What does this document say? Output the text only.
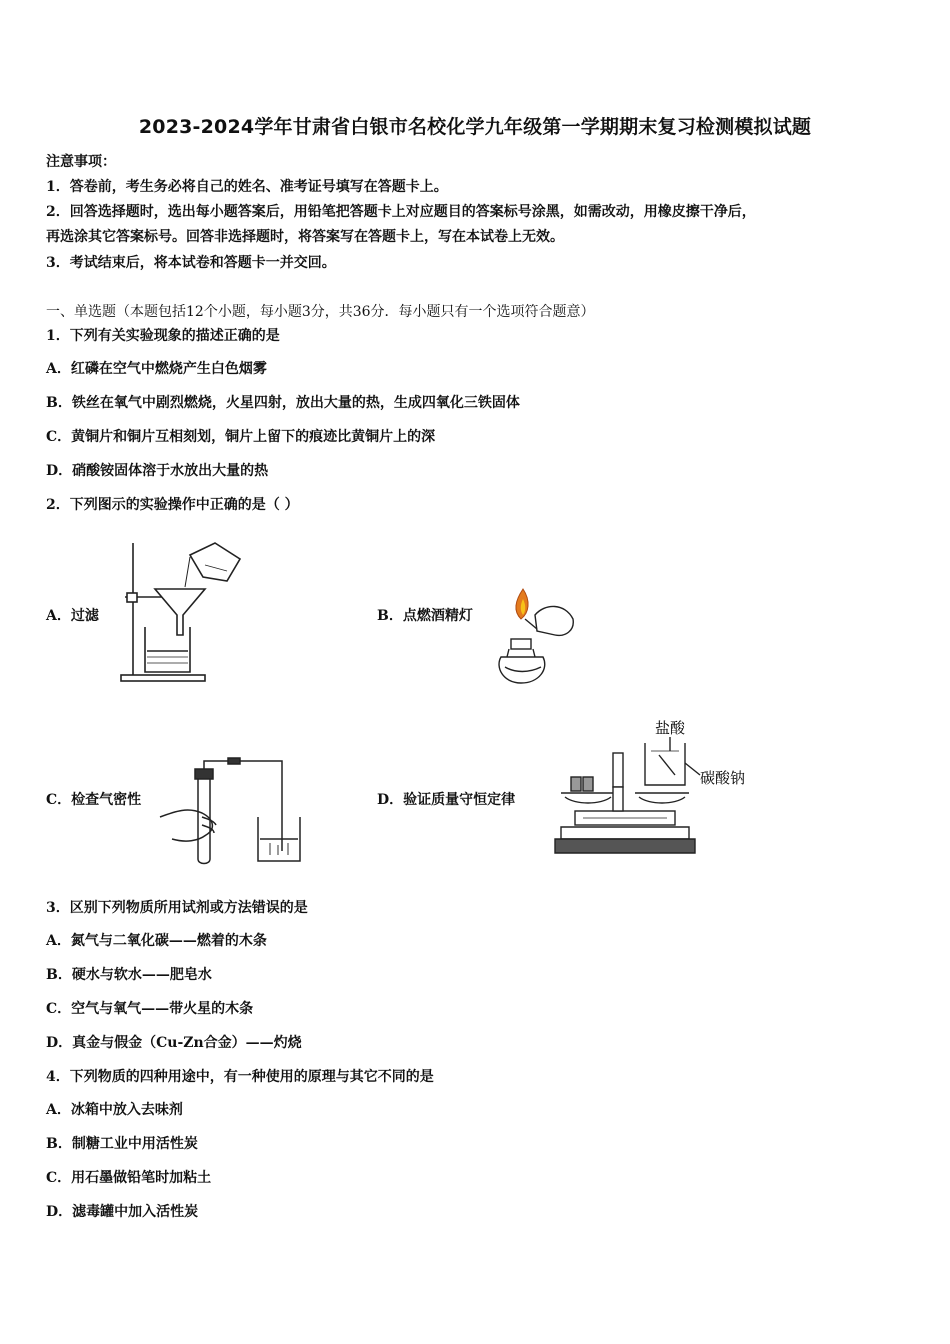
2023-2024学年甘肃省白银市名校化学九年级第一学期期末复习检测模拟试题
注意事项：
1．答卷前，考生务必将自己的姓名、准考证号填写在答题卡上。
2．回答选择题时，选出每小题答案后，用铅笔把答题卡上对应题目的答案标号涂黑，如需改动，用橡皮擦干净后，
再选涂其它答案标号。回答非选择题时，将答案写在答题卡上，写在本试卷上无效。
3．考试结束后，将本试卷和答题卡一并交回。
一、单选题（本题包括12个小题，每小题3分，共36分．每小题只有一个选项符合题意）
1．下列有关实验现象的描述正确的是
A．红磷在空气中燃烧产生白色烟雾
B．铁丝在氧气中剧烈燃烧，火星四射，放出大量的热，生成四氧化三铁固体
C．黄铜片和铜片互相刻划，铜片上留下的痕迹比黄铜片上的深
D．硝酸铵固体溶于水放出大量的热
2．下列图示的实验操作中正确的是（ ）
A．过滤	B．点燃酒精灯
C．检查气密性	D．验证质量守恒定律
盐酸
碳酸钠
3．区别下列物质所用试剂或方法错误的是
A．氮气与二氧化碳——燃着的木条
B．硬水与软水——肥皂水
C．空气与氧气——带火星的木条
D．真金与假金（Cu-Zn合金）——灼烧
4．下列物质的四种用途中，有一种使用的原理与其它不同的是
A．冰箱中放入去味剂
B．制糖工业中用活性炭
C．用石墨做铅笔时加粘土
D．滤毒罐中加入活性炭
